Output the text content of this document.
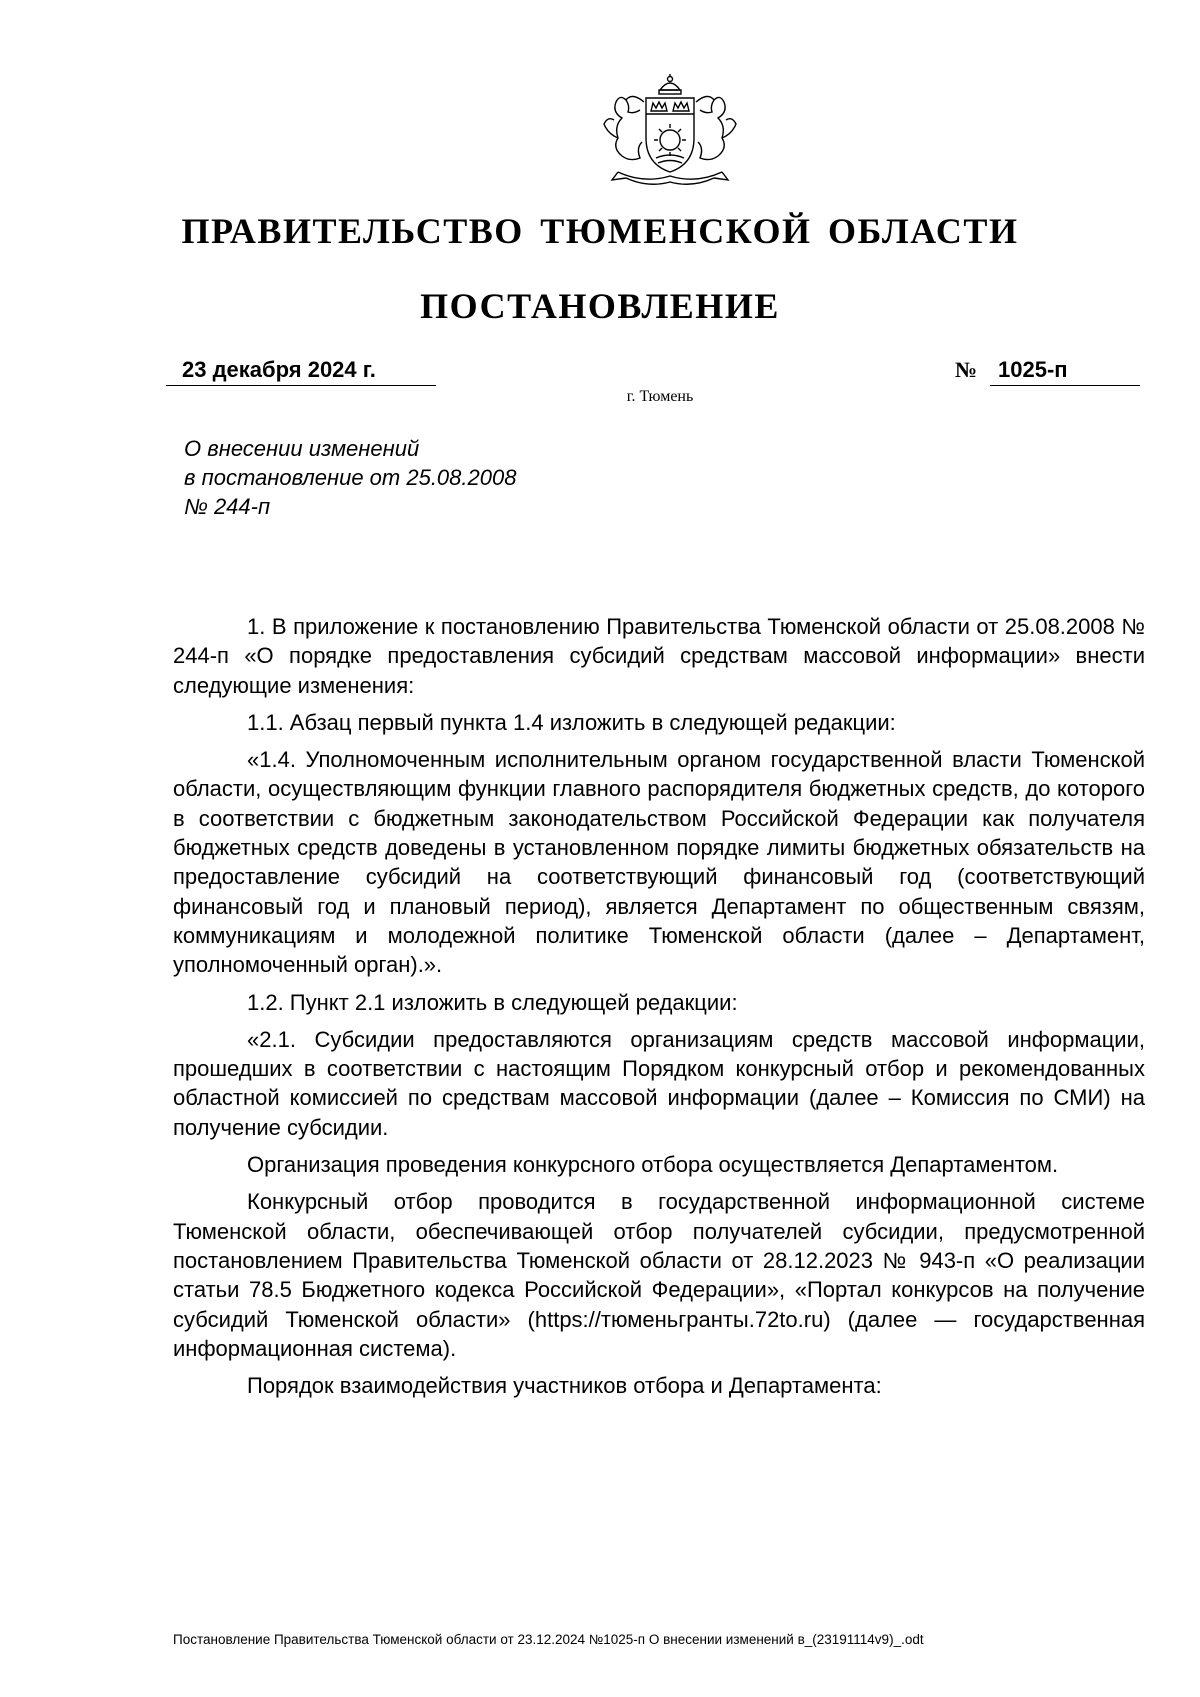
ПРАВИТЕЛЬСТВО ТЮМЕНСКОЙ ОБЛАСТИ
ПОСТАНОВЛЕНИЕ
23 декабря 2024 г.	№ 1025-п
г. Тюмень
О внесении изменений
в постановление от 25.08.2008
№ 244-п

1. В приложение к постановлению Правительства Тюменской области от 25.08.2008 № 244-п «О порядке предоставления субсидий средствам массовой информации» внести следующие изменения:

1.1. Абзац первый пункта 1.4 изложить в следующей редакции:

«1.4. Уполномоченным исполнительным органом государственной власти Тюменской области, осуществляющим функции главного распорядителя бюджетных средств, до которого в соответствии с бюджетным законодательством Российской Федерации как получателя бюджетных средств доведены в установленном порядке лимиты бюджетных обязательств на предоставление субсидий на соответствующий финансовый год (соответствующий финансовый год и плановый период), является Департамент по общественным связям, коммуникациям и молодежной политике Тюменской области (далее – Департамент, уполномоченный орган).».

1.2. Пункт 2.1 изложить в следующей редакции:

«2.1. Субсидии предоставляются организациям средств массовой информации, прошедших в соответствии с настоящим Порядком конкурсный отбор и рекомендованных областной комиссией по средствам массовой информации (далее – Комиссия по СМИ) на получение субсидии.

Организация проведения конкурсного отбора осуществляется Департаментом.

Конкурсный отбор проводится в государственной информационной системе Тюменской области, обеспечивающей отбор получателей субсидии, предусмотренной постановлением Правительства Тюменской области от 28.12.2023 № 943-п «О реализации статьи 78.5 Бюджетного кодекса Российской Федерации», «Портал конкурсов на получение субсидий Тюменской области» (https://тюменьгранты.72to.ru) (далее — государственная информационная система).

Порядок взаимодействия участников отбора и Департамента:

Постановление Правительства Тюменской области от 23.12.2024 №1025-п О внесении изменений в_(23191114v9)_.odt
